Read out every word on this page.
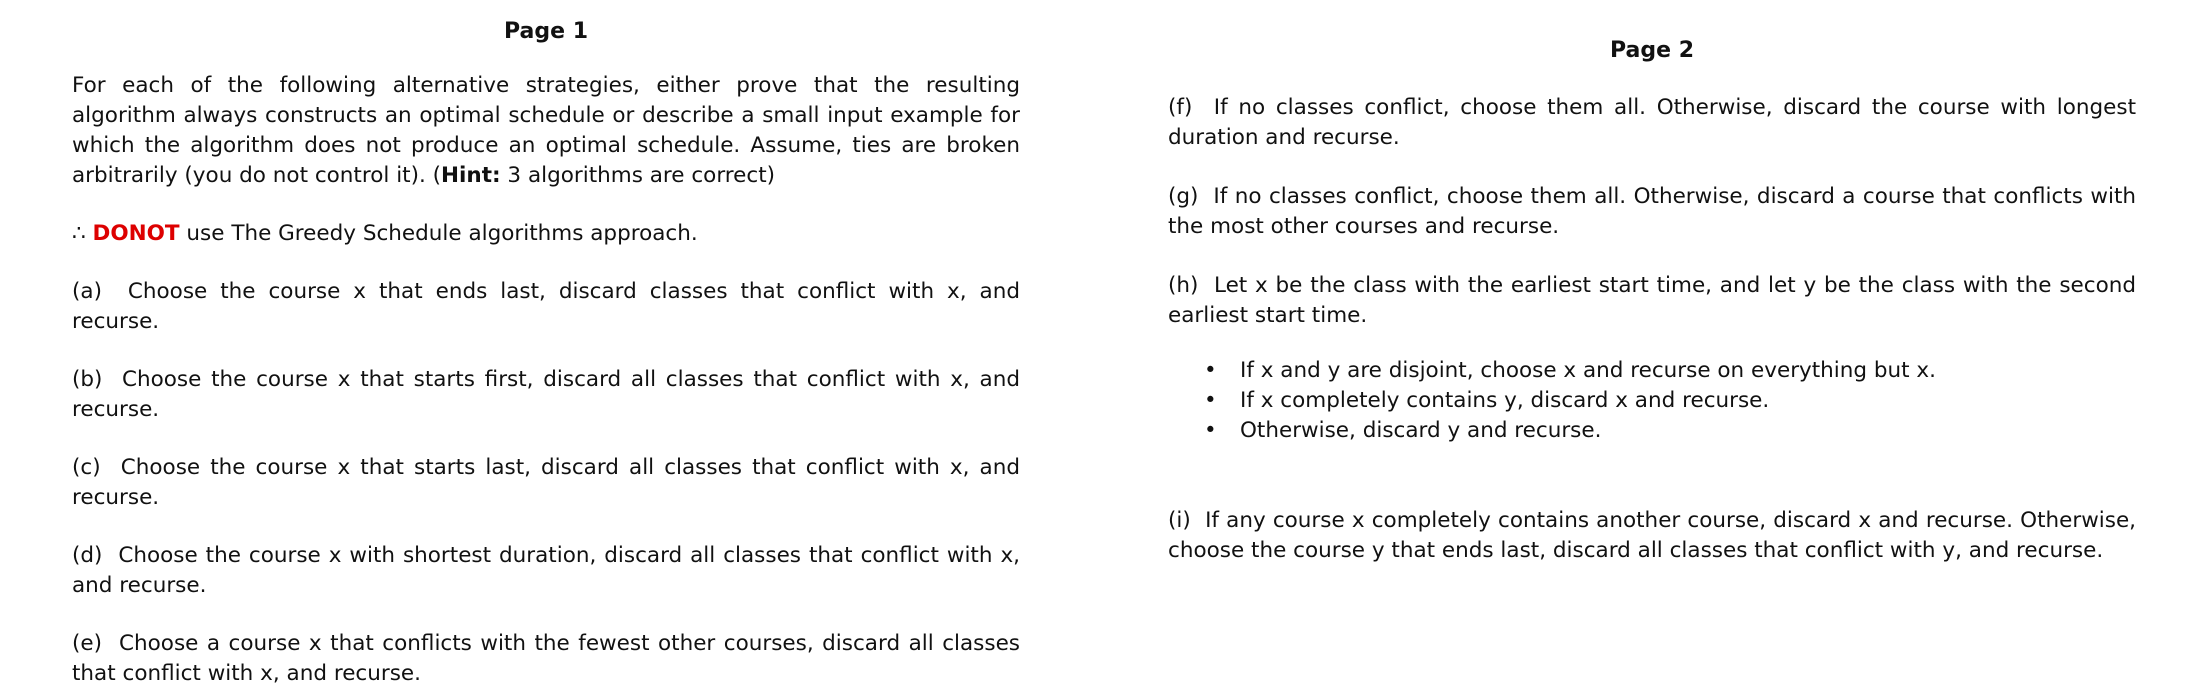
Page 1

For each of the following alternative strategies, either prove that the resulting algorithm always constructs an optimal schedule or describe a small input example for which the algorithm does not produce an optimal schedule. Assume, ties are broken arbitrarily (you do not control it). (Hint: 3 algorithms are correct)

∴ DONOT use The Greedy Schedule algorithms approach.

(a) Choose the course x that ends last, discard classes that conflict with x, and recurse.

(b) Choose the course x that starts first, discard all classes that conflict with x, and recurse.

(c) Choose the course x that starts last, discard all classes that conflict with x, and recurse.

(d) Choose the course x with shortest duration, discard all classes that conflict with x, and recurse.

(e) Choose a course x that conflicts with the fewest other courses, discard all classes that conflict with x, and recurse.

Page 2

(f) If no classes conflict, choose them all. Otherwise, discard the course with longest duration and recurse.

(g) If no classes conflict, choose them all. Otherwise, discard a course that conflicts with the most other courses and recurse.

(h) Let x be the class with the earliest start time, and let y be the class with the second earliest start time.

• If x and y are disjoint, choose x and recurse on everything but x.
• If x completely contains y, discard x and recurse.
• Otherwise, discard y and recurse.

(i) If any course x completely contains another course, discard x and recurse. Otherwise, choose the course y that ends last, discard all classes that conflict with y, and recurse.
